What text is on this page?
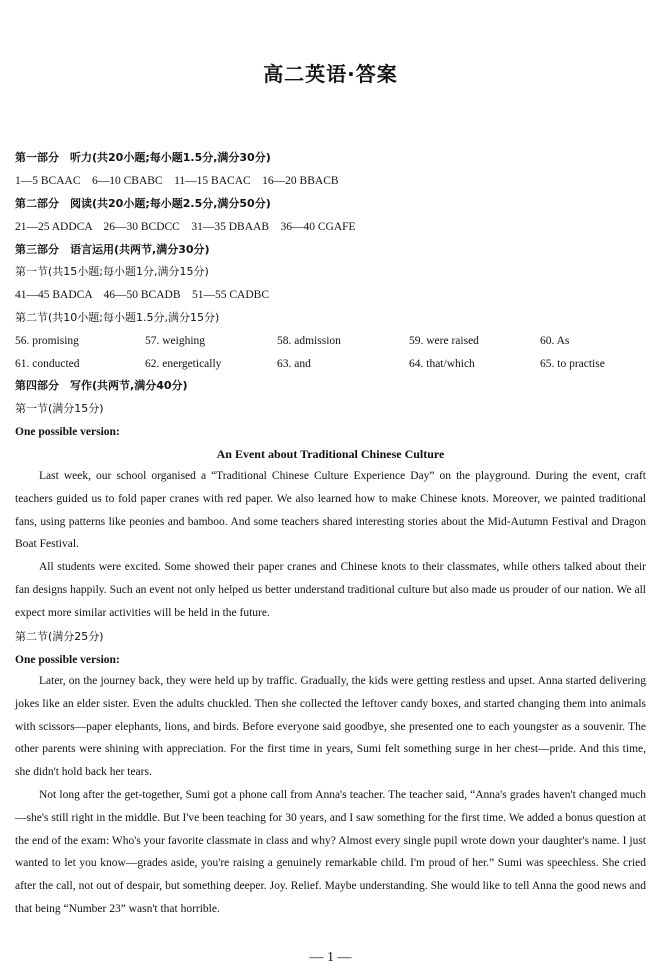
高二英语·答案
第一部分　听力(共20小题;每小题1.5分,满分30分)
1—5 BCAAC　6—10 CBABC　11—15 BACAC　16—20 BBACB
第二部分　阅读(共20小题;每小题2.5分,满分50分)
21—25 ADDCA　26—30 BCDCC　31—35 DBAAB　36—40 CGAFE
第三部分　语言运用(共两节,满分30分)
第一节(共15小题;每小题1分,满分15分)
41—45 BADCA　46—50 BCADB　51—55 CADBC
第二节(共10小题;每小题1.5分,满分15分)
56. promising	57. weighing	58. admission	59. were raised	60. As
61. conducted	62. energetically	63. and	64. that/which	65. to practise
第四部分　写作(共两节,满分40分)
第一节(满分15分)
One possible version:
An Event about Traditional Chinese Culture

Last week, our school organised a “Traditional Chinese Culture Experience Day” on the playground. During the event, craft teachers guided us to fold paper cranes with red paper. We also learned how to make Chinese knots. Moreover, we painted traditional fans, using patterns like peonies and bamboo. And some teachers shared interesting stories about the Mid-Autumn Festival and Dragon Boat Festival.

All students were excited. Some showed their paper cranes and Chinese knots to their classmates, while others talked about their fan designs happily. Such an event not only helped us better understand traditional culture but also made us prouder of our nation. We all expect more similar activities will be held in the future.

第二节(满分25分)
One possible version:

Later, on the journey back, they were held up by traffic. Gradually, the kids were getting restless and upset. Anna started delivering jokes like an elder sister. Even the adults chuckled. Then she collected the leftover candy boxes, and started changing them into animals with scissors—paper elephants, lions, and birds. Before everyone said goodbye, she presented one to each youngster as a souvenir. The other parents were shining with appreciation. For the first time in years, Sumi felt something surge in her chest—pride. And this time, she didn't hold back her tears.

Not long after the get-together, Sumi got a phone call from Anna's teacher. The teacher said, “Anna's grades haven't changed much—she's still right in the middle. But I've been teaching for 30 years, and I saw something for the first time. We added a bonus question at the end of the exam: Who's your favorite classmate in class and why? Almost every single pupil wrote down your daughter's name. I just wanted to let you know—grades aside, you're raising a genuinely remarkable child. I'm proud of her.” Sumi was speechless. She cried after the call, not out of despair, but something deeper. Joy. Relief. Maybe understanding. She would like to tell Anna the good news and that being “Number 23” wasn't that horrible.

— 1 —
